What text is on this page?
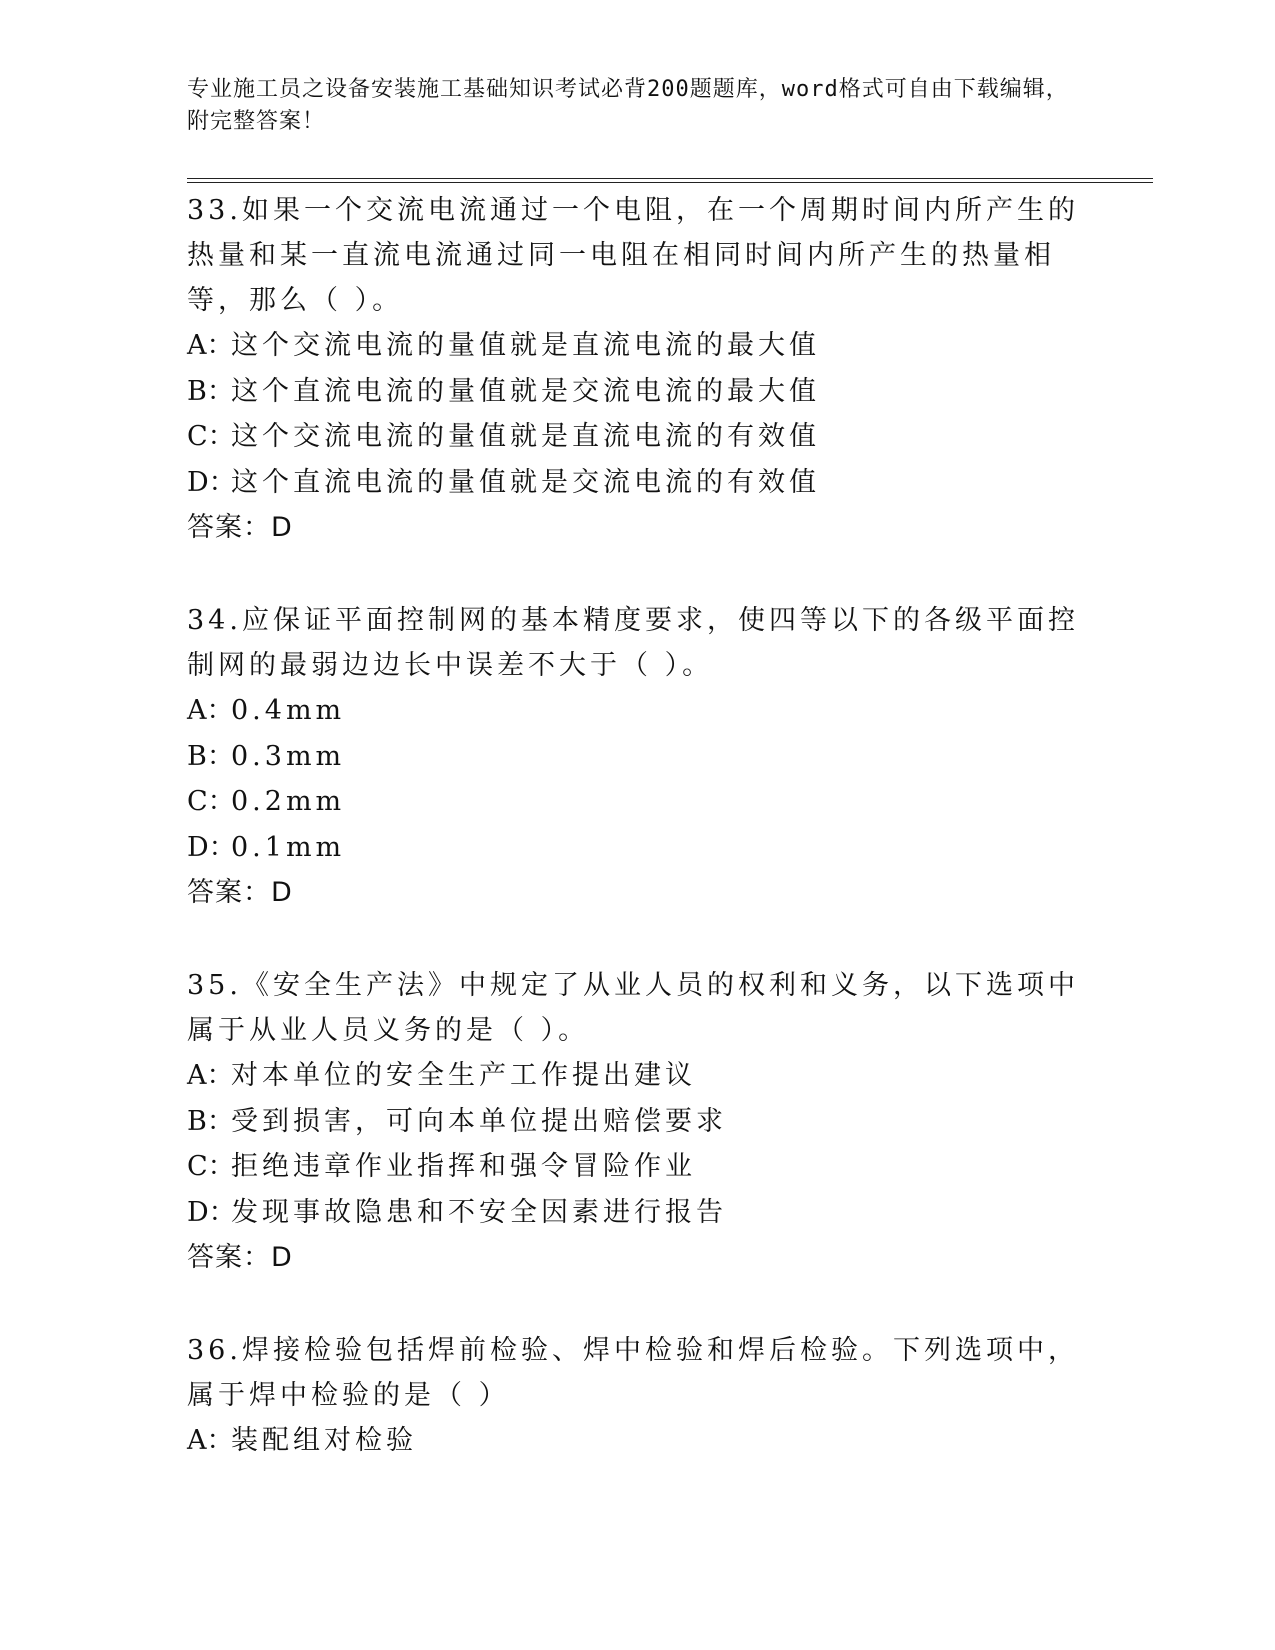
专业施工员之设备安装施工基础知识考试必背200题题库，word格式可自由下载编辑，附完整答案！
33.如果一个交流电流通过一个电阻，在一个周期时间内所产生的热量和某一直流电流通过同一电阻在相同时间内所产生的热量相等，那么（ ）。
A：这个交流电流的量值就是直流电流的最大值
B：这个直流电流的量值就是交流电流的最大值
C：这个交流电流的量值就是直流电流的有效值
D：这个直流电流的量值就是交流电流的有效值
答案：D
34.应保证平面控制网的基本精度要求，使四等以下的各级平面控制网的最弱边边长中误差不大于（ ）。
A：0.4mm
B：0.3mm
C：0.2mm
D：0.1mm
答案：D
35.《安全生产法》中规定了从业人员的权利和义务，以下选项中属于从业人员义务的是（ ）。
A：对本单位的安全生产工作提出建议
B：受到损害，可向本单位提出赔偿要求
C：拒绝违章作业指挥和强令冒险作业
D：发现事故隐患和不安全因素进行报告
答案：D
36.焊接检验包括焊前检验、焊中检验和焊后检验。下列选项中，属于焊中检验的是（ ）
A：装配组对检验
